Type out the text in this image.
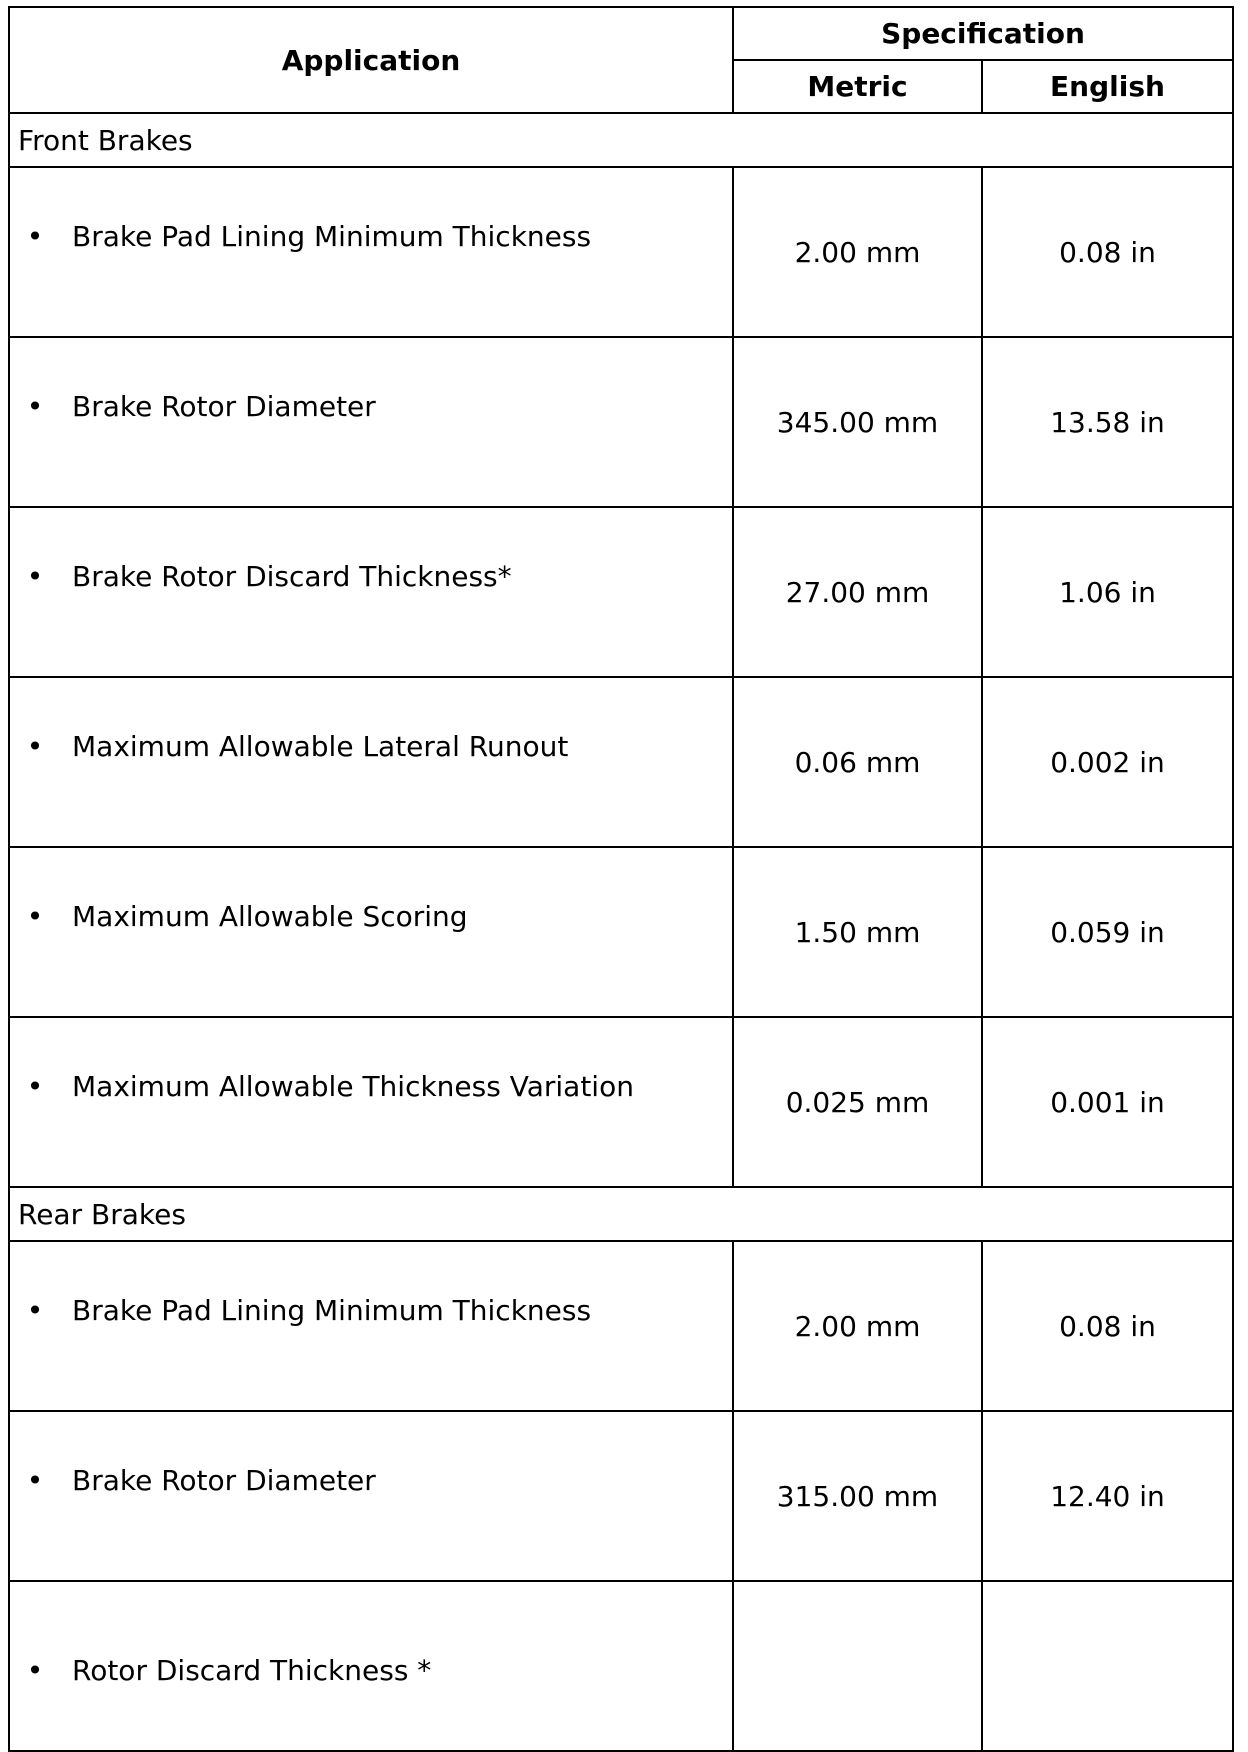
Application	Specification	
	Metric	English
Front Brakes		

• Brake Pad Lining Minimum Thickness	2.00 mm	0.08 in

• Brake Rotor Diameter	345.00 mm	13.58 in

• Brake Rotor Discard Thickness*	27.00 mm	1.06 in

• Maximum Allowable Lateral Runout	0.06 mm	0.002 in

• Maximum Allowable Scoring	1.50 mm	0.059 in

• Maximum Allowable Thickness Variation	0.025 mm	0.001 in
Rear Brakes		

• Brake Pad Lining Minimum Thickness	2.00 mm	0.08 in

• Brake Rotor Diameter	315.00 mm	12.40 in

• Rotor Discard Thickness *		
